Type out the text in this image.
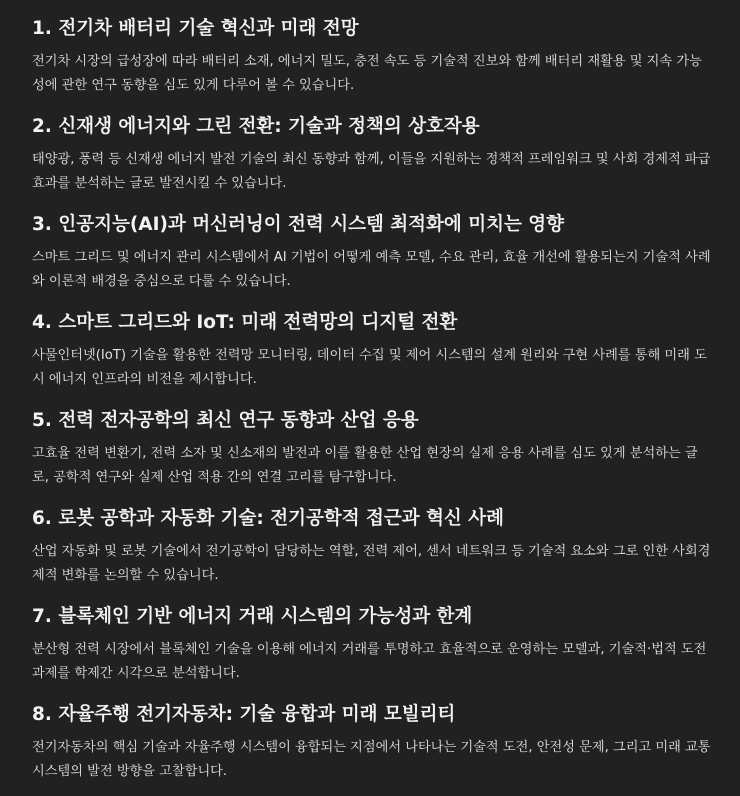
1. 전기차 배터리 기술 혁신과 미래 전망

전기차 시장의 급성장에 따라 배터리 소재, 에너지 밀도, 충전 속도 등 기술적 진보와 함께 배터리 재활용 및 지속 가능성에 관한 연구 동향을 심도 있게 다루어 볼 수 있습니다.

2. 신재생 에너지와 그린 전환: 기술과 정책의 상호작용

태양광, 풍력 등 신재생 에너지 발전 기술의 최신 동향과 함께, 이들을 지원하는 정책적 프레임워크 및 사회 경제적 파급 효과를 분석하는 글로 발전시킬 수 있습니다.

3. 인공지능(AI)과 머신러닝이 전력 시스템 최적화에 미치는 영향

스마트 그리드 및 에너지 관리 시스템에서 AI 기법이 어떻게 예측 모델, 수요 관리, 효율 개선에 활용되는지 기술적 사례와 이론적 배경을 중심으로 다룰 수 있습니다.

4. 스마트 그리드와 IoT: 미래 전력망의 디지털 전환

사물인터넷(IoT) 기술을 활용한 전력망 모니터링, 데이터 수집 및 제어 시스템의 설계 원리와 구현 사례를 통해 미래 도시 에너지 인프라의 비전을 제시합니다.

5. 전력 전자공학의 최신 연구 동향과 산업 응용

고효율 전력 변환기, 전력 소자 및 신소재의 발전과 이를 활용한 산업 현장의 실제 응용 사례를 심도 있게 분석하는 글로, 공학적 연구와 실제 산업 적용 간의 연결 고리를 탐구합니다.

6. 로봇 공학과 자동화 기술: 전기공학적 접근과 혁신 사례

산업 자동화 및 로봇 기술에서 전기공학이 담당하는 역할, 전력 제어, 센서 네트워크 등 기술적 요소와 그로 인한 사회경제적 변화를 논의할 수 있습니다.

7. 블록체인 기반 에너지 거래 시스템의 가능성과 한계

분산형 전력 시장에서 블록체인 기술을 이용해 에너지 거래를 투명하고 효율적으로 운영하는 모델과, 기술적·법적 도전 과제를 학제간 시각으로 분석합니다.

8. 자율주행 전기자동차: 기술 융합과 미래 모빌리티

전기자동차의 핵심 기술과 자율주행 시스템이 융합되는 지점에서 나타나는 기술적 도전, 안전성 문제, 그리고 미래 교통 시스템의 발전 방향을 고찰합니다.
